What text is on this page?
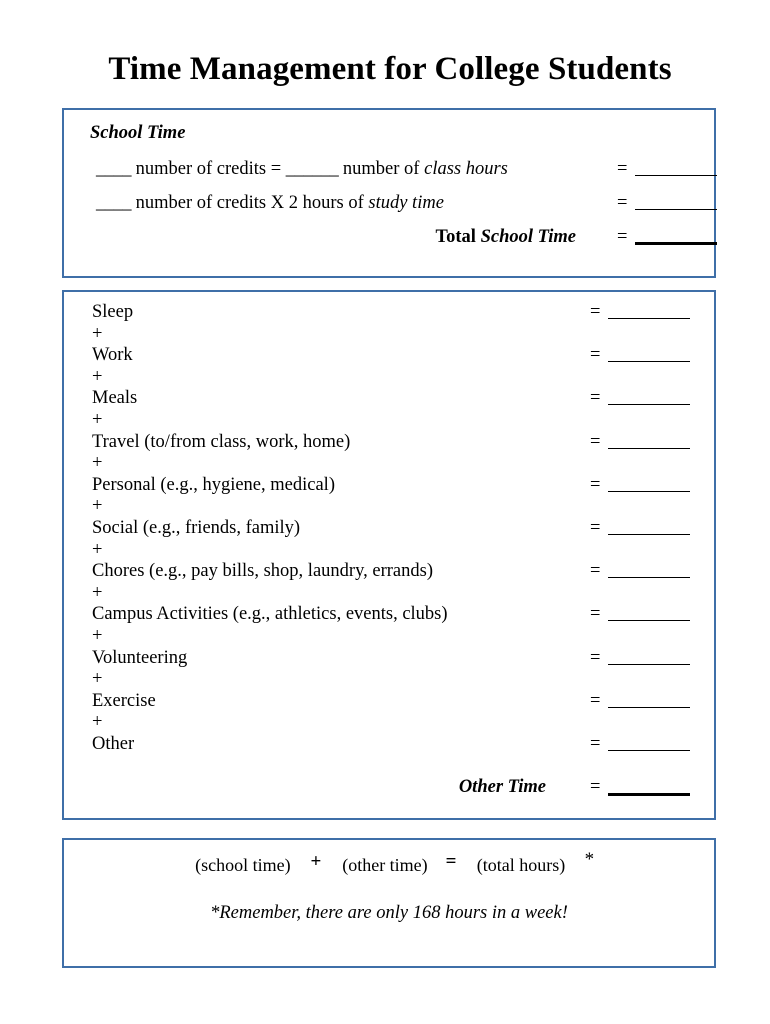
Time Management for College Students
School Time
____ number of credits = ______ number of class hours	=
____ number of credits X 2 hours of study time	=
Total School Time =
Sleep	=
+
Work	=
+
Meals	=
+
Travel (to/from class, work, home)	=
+
Personal (e.g., hygiene, medical)	=
+
Social (e.g., friends, family)	=
+
Chores (e.g., pay bills, shop, laundry, errands)	=
+
Campus Activities (e.g., athletics, events, clubs)	=
+
Volunteering	=
+
Exercise	=
+
Other	=
Other Time =
(school time) + (other time) = (total hours) *
*Remember, there are only 168 hours in a week!
